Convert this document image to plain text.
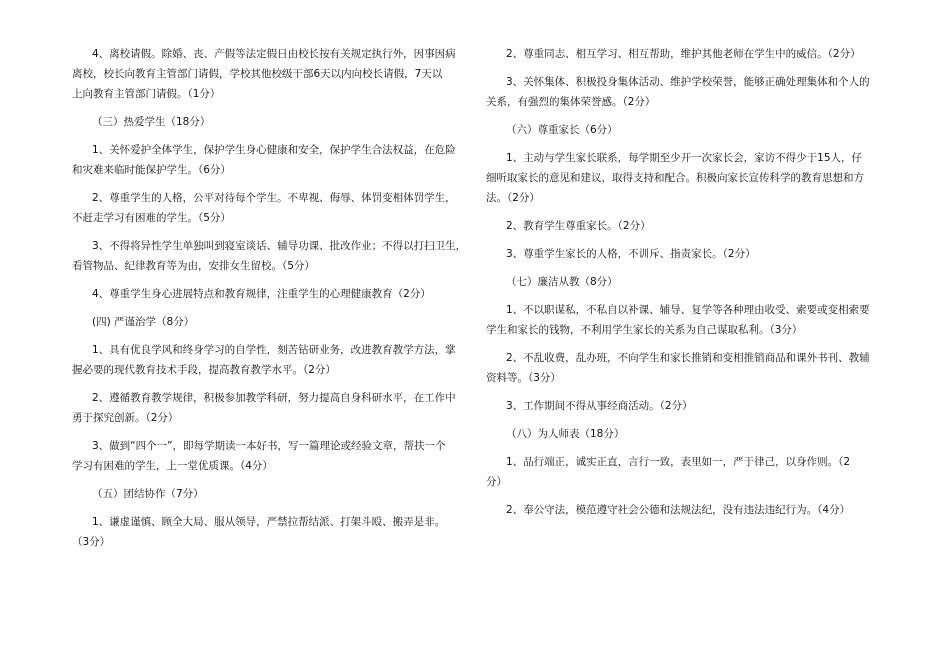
4、离校请假。除婚、丧、产假等法定假日由校长按有关规定执行外，因事因病

离校，校长向教育主管部门请假，学校其他校级干部6天以内向校长请假，7天以

上向教育主管部门请假。（1分）

（三）热爱学生（18分）

1、关怀爱护全体学生，保护学生身心健康和安全，保护学生合法权益，在危险

和灾难来临时能保护学生。（6分）

2、尊重学生的人格，公平对待每个学生。不卑视、侮辱、体罚变相体罚学生，

不赶走学习有困难的学生。（5分）

3、不得将异性学生单独叫到寝室谈话、辅导功课、批改作业；不得以打扫卫生，

看管物品、纪律教育等为由，安排女生留校。（5分）

4、尊重学生身心进展特点和教育规律，注重学生的心理健康教育（2分）

(四) 严谨治学（8分）

1、具有优良学风和终身学习的自学性，刻苦钻研业务，改进教育教学方法，掌

握必要的现代教育技术手段，提高教育教学水平。（2分）

2、遵循教育教学规律，积极参加教学科研，努力提高自身科研水平，在工作中

勇于探究创新。（2分）

3、做到“四个一”，即每学期读一本好书，写一篇理论或经验文章，帮扶一个

学习有困难的学生，上一堂优质课。（4分）

（五）团结协作（7分）

1、谦虚谨慎、顾全大局、服从领导，严禁拉帮结派、打架斗殴、搬弄是非。

（3分）

2、尊重同志、相互学习、相互帮助，维护其他老师在学生中的威信。（2分）

3、关怀集体、积极投身集体活动、维护学校荣誉，能够正确处理集体和个人的

关系，有强烈的集体荣誉感。（2分）

（六）尊重家长（6分）

1、主动与学生家长联系，每学期至少开一次家长会，家访不得少于15人，仔

细听取家长的意见和建议，取得支持和配合。积极向家长宣传科学的教育思想和方

法。（2分）

2、教育学生尊重家长。（2分）

3、尊重学生家长的人格，不训斥、指责家长。（2分）

（七）廉洁从教（8分）

1、不以职谋私，不私自以补课、辅导、复学等各种理由收受、索要或变相索要

学生和家长的钱物，不利用学生家长的关系为自己谋取私利。（3分）

2、不乱收费，乱办班，不向学生和家长推销和变相推销商品和课外书刊、教辅

资料等。（3分）

3、工作期间不得从事经商活动。（2分）

（八）为人师表（18分）

1、品行端正，诚实正直，言行一致，表里如一，严于律己，以身作则。（2

分）

2、奉公守法，模范遵守社会公德和法规法纪，没有违法违纪行为。（4分）
